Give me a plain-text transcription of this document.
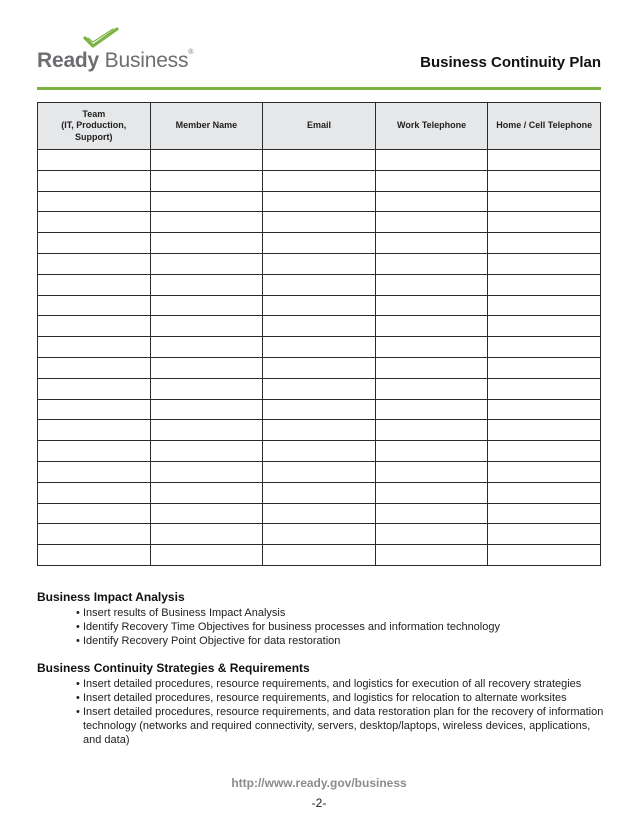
Ready Business®
Business Continuity Plan
Team
(IT, Production,
Support)	Member Name	Email	Work Telephone	Home / Cell Telephone

Business Impact Analysis
• Insert results of Business Impact Analysis
• Identify Recovery Time Objectives for business processes and information technology
• Identify Recovery Point Objective for data restoration
Business Continuity Strategies & Requirements
• Insert detailed procedures, resource requirements, and logistics for execution of all recovery strategies
• Insert detailed procedures, resource requirements, and logistics for relocation to alternate worksites
• Insert detailed procedures, resource requirements, and data restoration plan for the recovery of information technology (networks and required connectivity, servers, desktop/laptops, wireless devices, applications, and data)
http://www.ready.gov/business
-2-
